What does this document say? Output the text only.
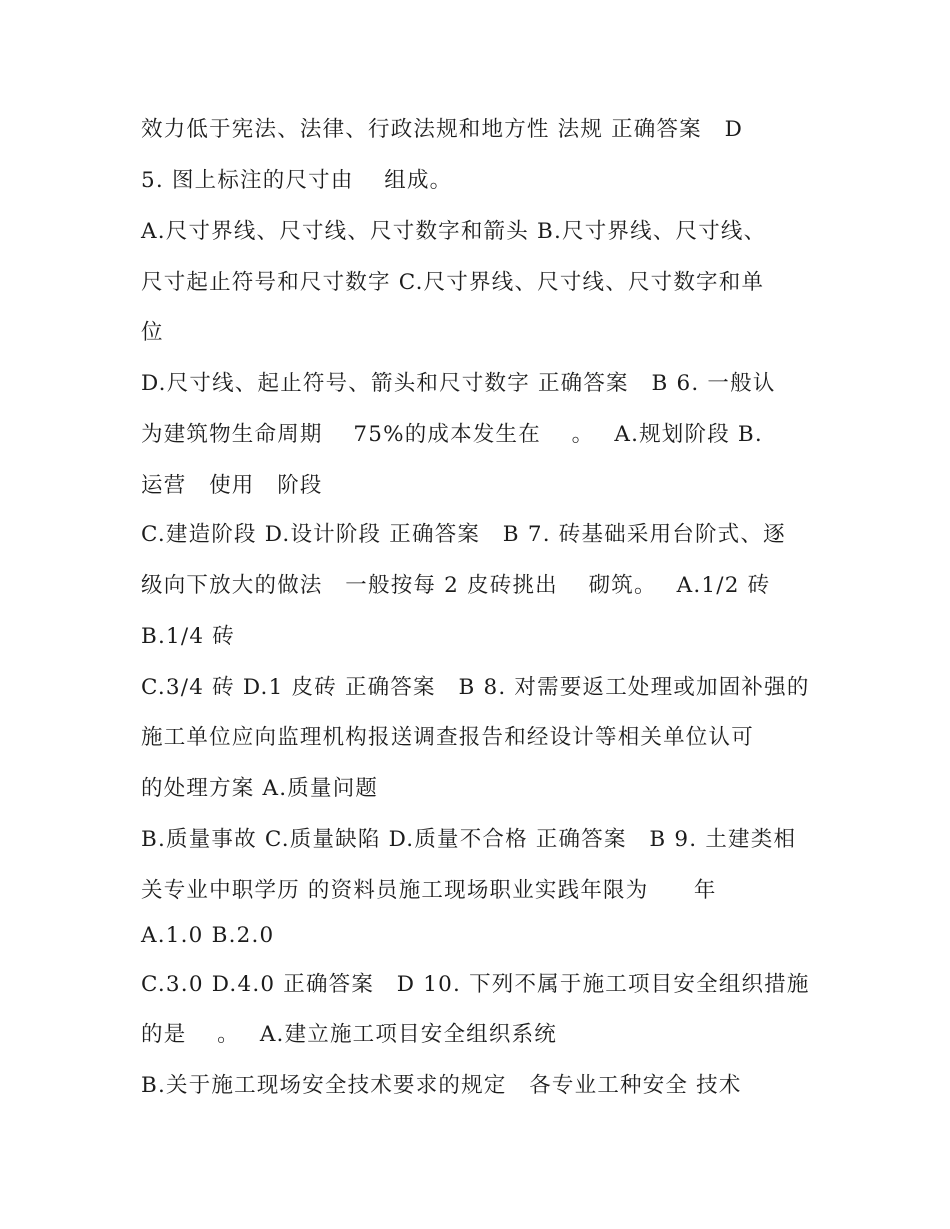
效力低于宪法、法律、行政法规和地方性 法规 正确答案　D

5. 图上标注的尺寸由　 组成。

A.尺寸界线、尺寸线、尺寸数字和箭头 B.尺寸界线、尺寸线、

尺寸起止符号和尺寸数字 C.尺寸界线、尺寸线、尺寸数字和单

位

D.尺寸线、起止符号、箭头和尺寸数字 正确答案　B 6. 一般认

为建筑物生命周期　 75%的成本发生在　 。　 A.规划阶段 B.

运营　使用　阶段

C.建造阶段 D.设计阶段 正确答案　B 7. 砖基础采用台阶式、逐

级向下放大的做法　一般按每 2 皮砖挑出　 砌筑。　 A.1/2 砖

B.1/4 砖

C.3/4 砖 D.1 皮砖 正确答案　B 8. 对需要返工处理或加固补强的

施工单位应向监理机构报送调查报告和经设计等相关单位认可

的处理方案 A.质量问题

B.质量事故 C.质量缺陷 D.质量不合格 正确答案　B 9. 土建类相

关专业中职学历 的资料员施工现场职业实践年限为　　年

A.1.0 B.2.0

C.3.0 D.4.0 正确答案　D 10. 下列不属于施工项目安全组织措施

的是　 。　 A.建立施工项目安全组织系统

B.关于施工现场安全技术要求的规定　各专业工种安全 技术
